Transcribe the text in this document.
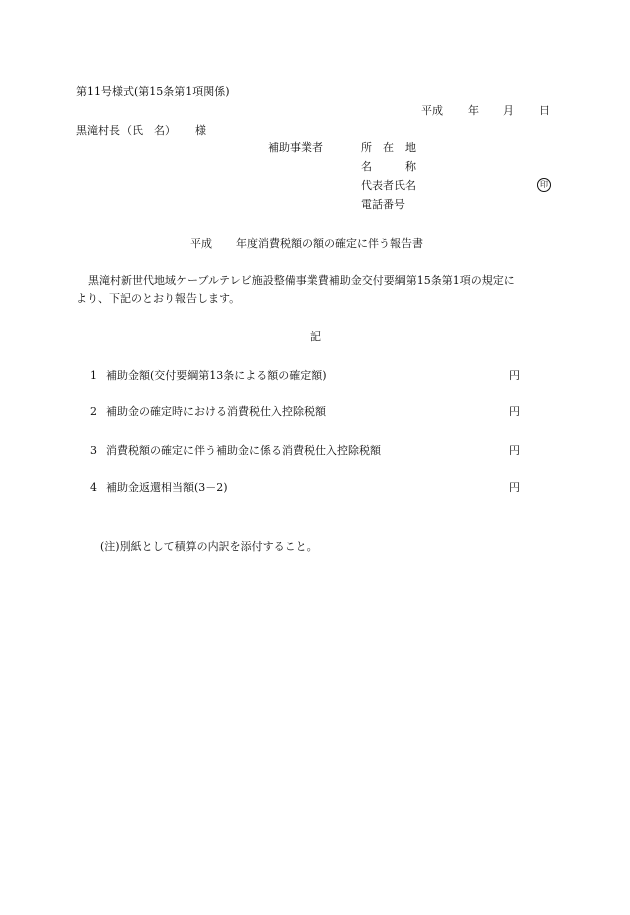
第11号様式(第15条第1項関係)
平成 年 月 日
黒滝村長 （氏　名） 様
補助事業者	所　在　地
名　　　称
代表者氏名	印
電話番号
平成 年度消費税額の額の確定に伴う報告書
黒滝村新世代地域ケーブルテレビ施設整備事業費補助金交付要綱第15条第1項の規定に
より、下記のとおり報告します。
記
1 補助金額(交付要綱第13条による額の確定額)	円
2 補助金の確定時における消費税仕入控除税額	円
3 消費税額の確定に伴う補助金に係る消費税仕入控除税額	円
4 補助金返還相当額(3－2)	円
(注)別紙として積算の内訳を添付すること。
